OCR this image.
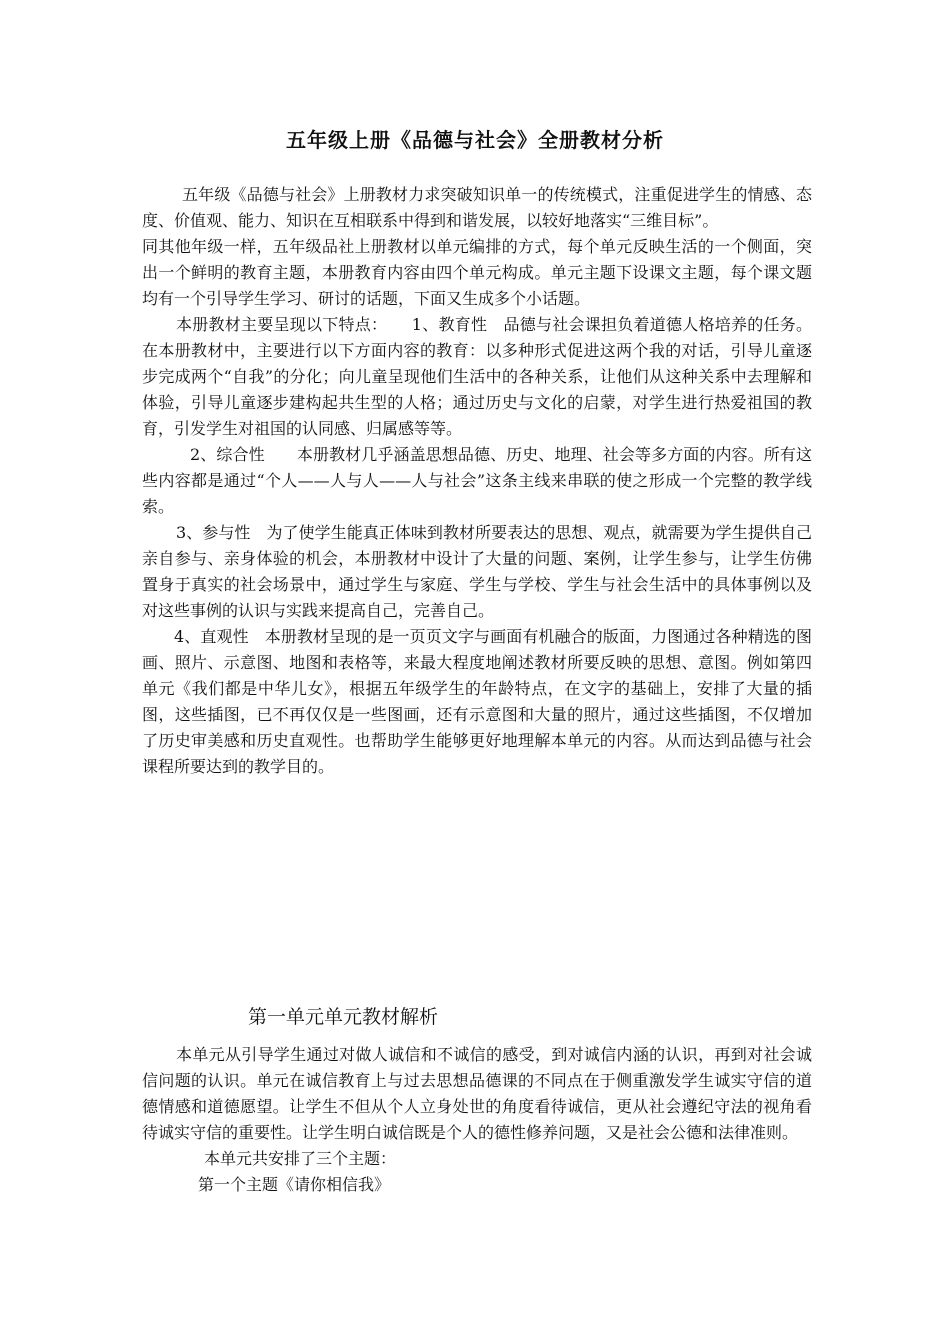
五年级上册《品德与社会》全册教材分析

五年级《品德与社会》上册教材力求突破知识单一的传统模式，注重促进学生的情感、态度、价值观、能力、知识在互相联系中得到和谐发展，以较好地落实“三维目标”。

同其他年级一样，五年级品社上册教材以单元编排的方式，每个单元反映生活的一个侧面，突出一个鲜明的教育主题，本册教育内容由四个单元构成。单元主题下设课文主题，每个课文题均有一个引导学生学习、研讨的话题，下面又生成多个小话题。

本册教材主要呈现以下特点：　　1、教育性　品德与社会课担负着道德人格培养的任务。在本册教材中，主要进行以下方面内容的教育：以多种形式促进这两个我的对话，引导儿童逐步完成两个“自我”的分化；向儿童呈现他们生活中的各种关系，让他们从这种关系中去理解和体验，引导儿童逐步建构起共生型的人格；通过历史与文化的启蒙，对学生进行热爱祖国的教育，引发学生对祖国的认同感、归属感等等。

2、综合性　　本册教材几乎涵盖思想品德、历史、地理、社会等多方面的内容。所有这些内容都是通过“个人——人与人——人与社会”这条主线来串联的使之形成一个完整的教学线索。

3、参与性　为了使学生能真正体味到教材所要表达的思想、观点，就需要为学生提供自己亲自参与、亲身体验的机会，本册教材中设计了大量的问题、案例，让学生参与，让学生仿佛置身于真实的社会场景中，通过学生与家庭、学生与学校、学生与社会生活中的具体事例以及对这些事例的认识与实践来提高自己，完善自己。

4、直观性　本册教材呈现的是一页页文字与画面有机融合的版面，力图通过各种精选的图画、照片、示意图、地图和表格等，来最大程度地阐述教材所要反映的思想、意图。例如第四单元《我们都是中华儿女》，根据五年级学生的年龄特点，在文字的基础上，安排了大量的插图，这些插图，已不再仅仅是一些图画，还有示意图和大量的照片，通过这些插图，不仅增加了历史审美感和历史直观性。也帮助学生能够更好地理解本单元的内容。从而达到品德与社会课程所要达到的教学目的。

第一单元单元教材解析

本单元从引导学生通过对做人诚信和不诚信的感受，到对诚信内涵的认识，再到对社会诚信问题的认识。单元在诚信教育上与过去思想品德课的不同点在于侧重激发学生诚实守信的道德情感和道德愿望。让学生不但从个人立身处世的角度看待诚信，更从社会遵纪守法的视角看待诚实守信的重要性。让学生明白诚信既是个人的德性修养问题，又是社会公德和法律准则。

本单元共安排了三个主题：

第一个主题《请你相信我》
